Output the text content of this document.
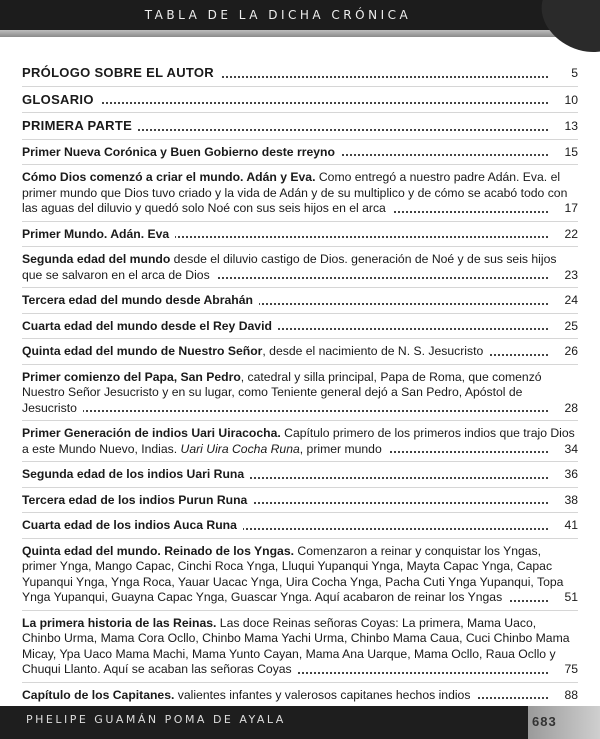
TABLA DE LA DICHA CRÓNICA
PRÓLOGO SOBRE EL AUTOR	5
GLOSARIO	10
PRIMERA PARTE	13
Primer Nueva Corónica y Buen Gobierno deste rreyno	15
Cómo Dios comenzó a criar el mundo. Adán y Eva. Como entregó a nuestro padre Adán. Eva. el primer mundo que Dios tuvo criado y la vida de Adán y de su multiplico y de cómo se acabó todo con las aguas del diluvio y quedó solo Noé con sus seis hijos en el arca	17
Primer Mundo. Adán. Eva	22
Segunda edad del mundo desde el diluvio castigo de Dios. generación de Noé y de sus seis hijos que se salvaron en el arca de Dios	23
Tercera edad del mundo desde Abrahán	24
Cuarta edad del mundo desde el Rey David	25
Quinta edad del mundo de Nuestro Señor, desde el nacimiento de N. S. Jesucristo	26
Primer comienzo del Papa, San Pedro, catedral y silla principal, Papa de Roma, que comenzó Nuestro Señor Jesucristo y en su lugar, como Teniente general dejó a San Pedro, Apóstol de Jesucristo	28
Primer Generación de indios Uari Uiracocha. Capítulo primero de los primeros indios que trajo Dios a este Mundo Nuevo, Indias. Uari Uira Cocha Runa, primer mundo	34
Segunda edad de los indios Uari Runa	36
Tercera edad de los indios Purun Runa	38
Cuarta edad de los indios Auca Runa	41
Quinta edad del mundo. Reinado de los Yngas. Comenzaron a reinar y conquistar los Yngas, primer Ynga, Mango Capac, Cinchi Roca Ynga, Lluqui Yupanqui Ynga, Mayta Capac Ynga, Capac Yupanqui Ynga, Ynga Roca, Yauar Uacac Ynga, Uira Cocha Ynga, Pacha Cuti Ynga Yupanqui, Topa Ynga Yupanqui, Guayna Capac Ynga, Guascar Ynga. Aquí acabaron de reinar los Yngas	51
La primera historia de las Reinas. Las doce Reinas señoras Coyas: La primera, Mama Uaco, Chinbo Urma, Mama Cora Ocllo, Chinbo Mama Yachi Urma, Chinbo Mama Caua, Cuci Chinbo Mama Micay, Ypa Uaco Mama Machi, Mama Yunto Cayan, Mama Ana Uarque, Mama Ocllo, Raua Ocllo y Chuqui Llanto. Aquí se acaban las señoras Coyas	75
Capítulo de los Capitanes. valientes infantes y valerosos capitanes hechos indios	88
PHELIPE GUAMÁN POMA DE AYALA	683
